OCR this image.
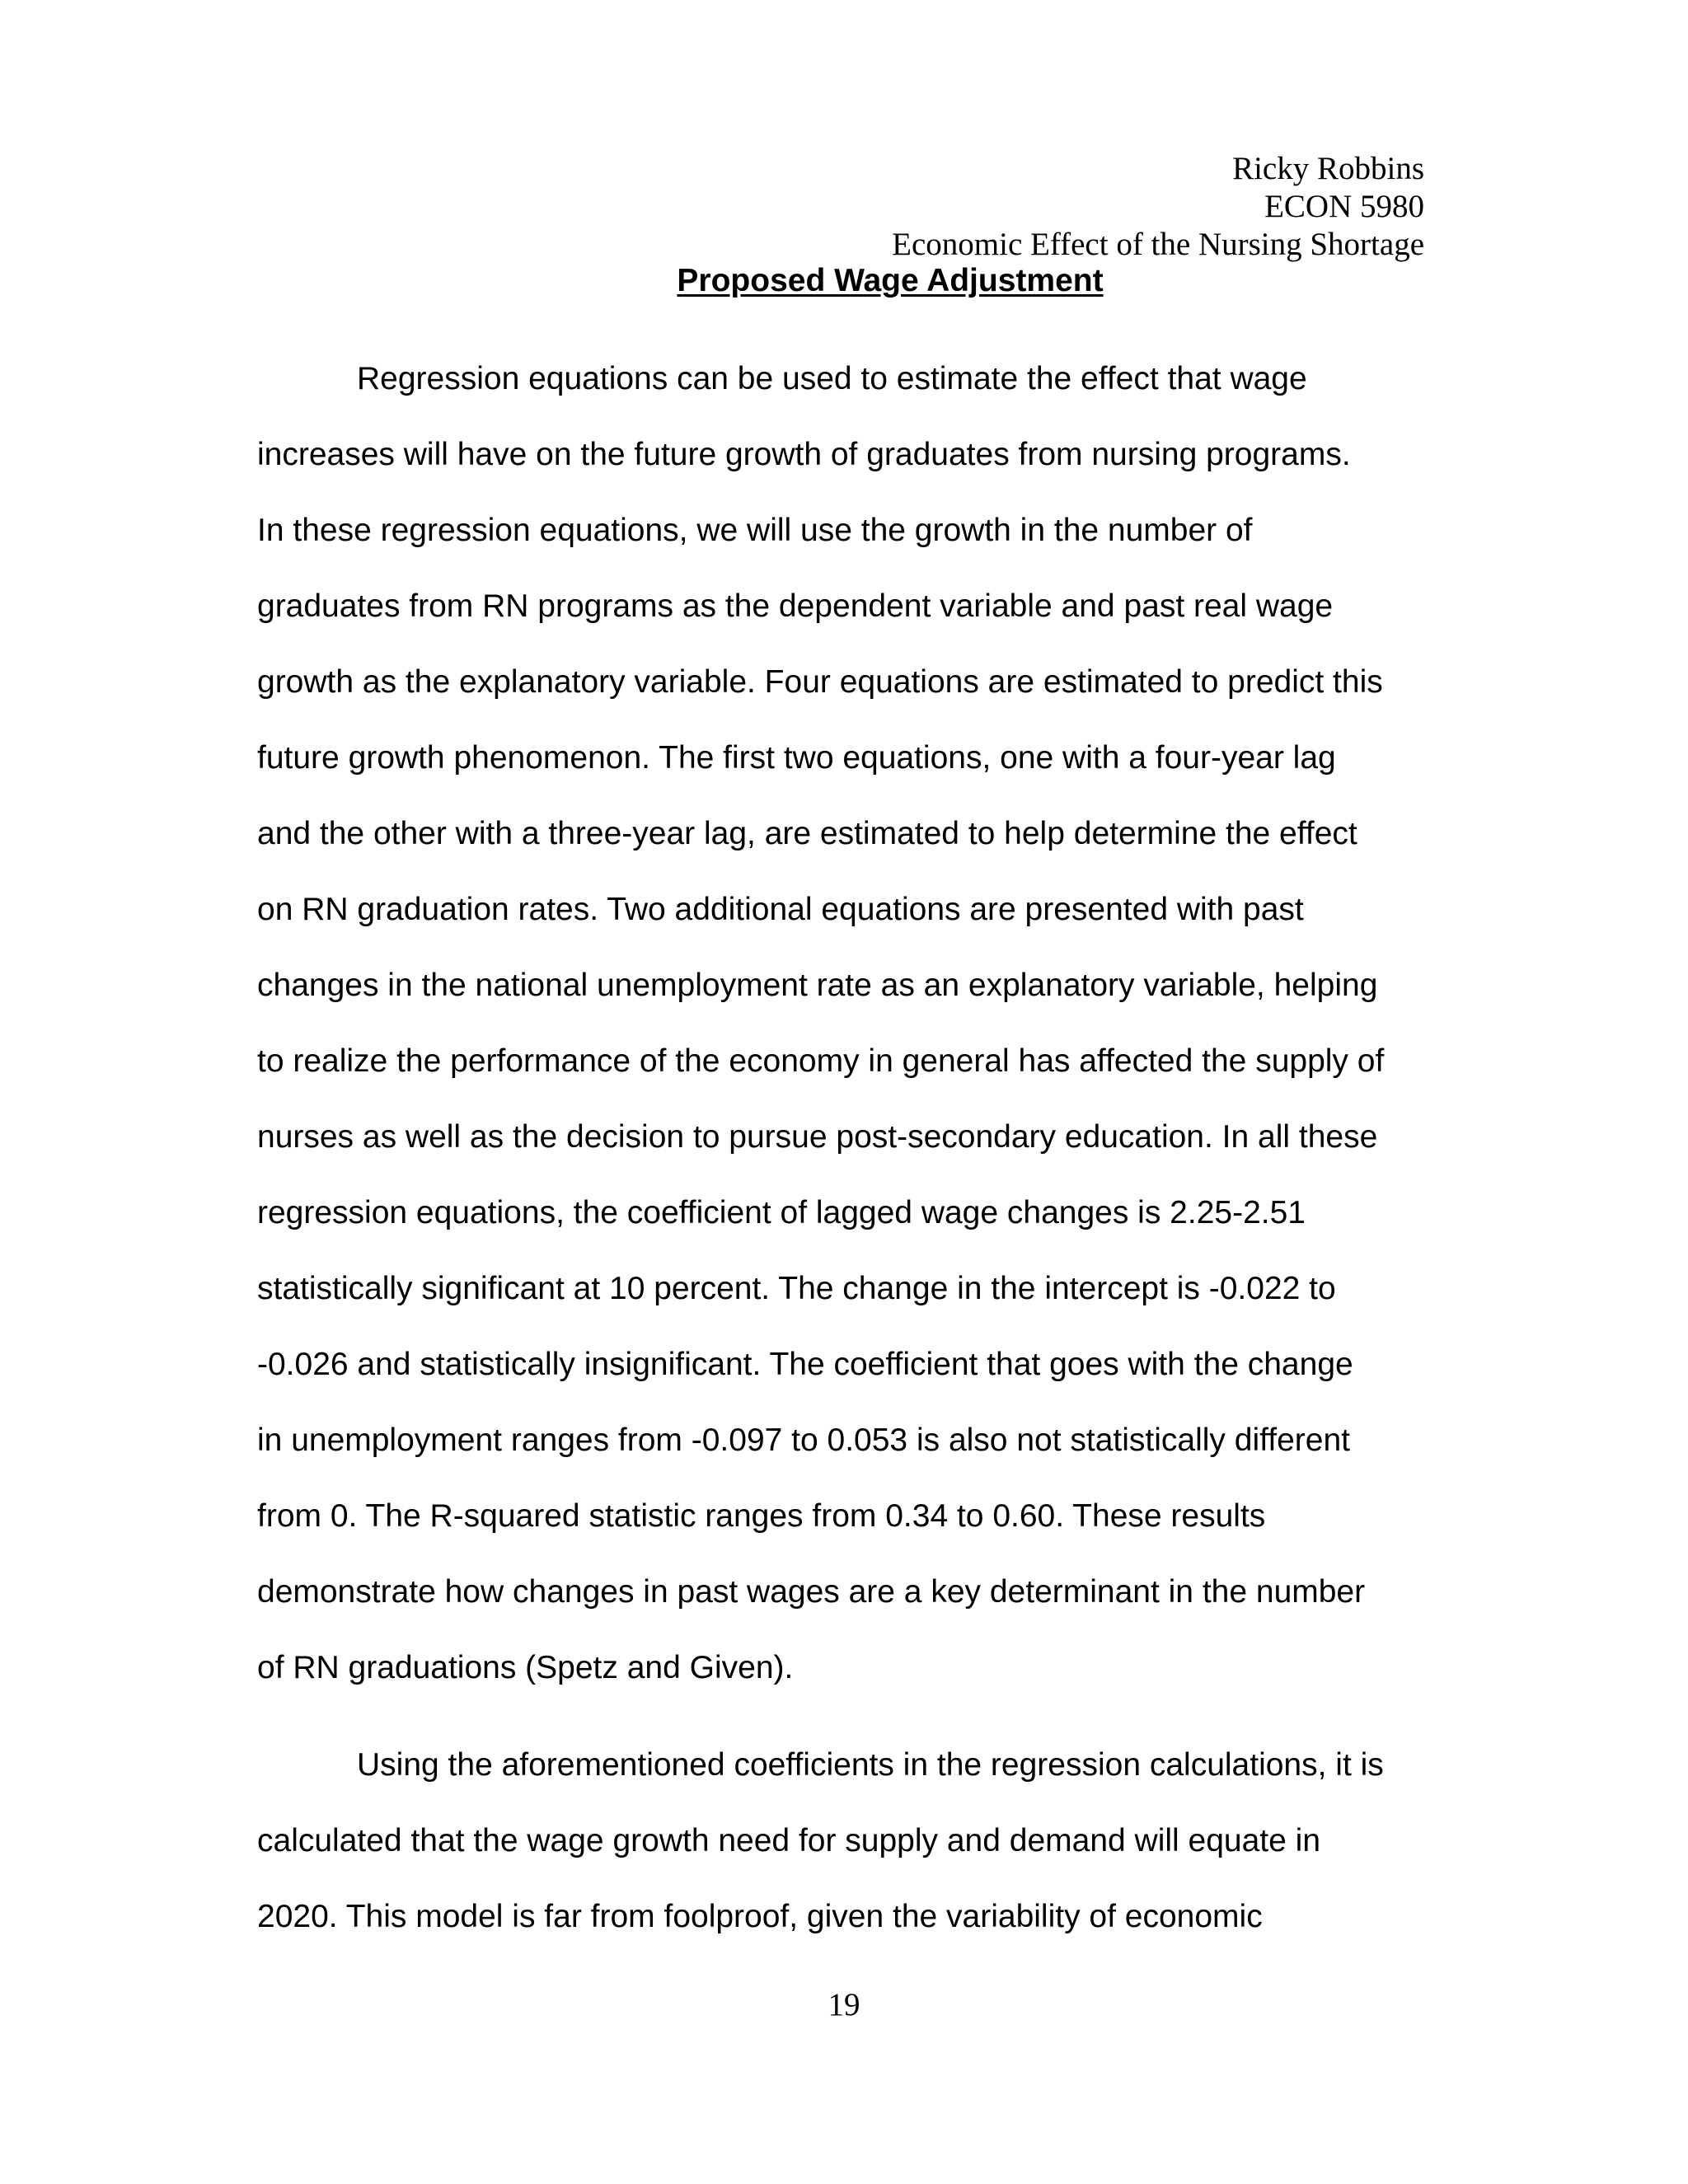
Ricky Robbins
ECON 5980
Economic Effect of the Nursing Shortage
Proposed Wage Adjustment
Regression equations can be used to estimate the effect that wage
increases will have on the future growth of graduates from nursing programs.
In these regression equations, we will use the growth in the number of
graduates from RN programs as the dependent variable and past real wage
growth as the explanatory variable. Four equations are estimated to predict this
future growth phenomenon. The first two equations, one with a four-year lag
and the other with a three-year lag, are estimated to help determine the effect
on RN graduation rates. Two additional equations are presented with past
changes in the national unemployment rate as an explanatory variable, helping
to realize the performance of the economy in general has affected the supply of
nurses as well as the decision to pursue post-secondary education. In all these
regression equations, the coefficient of lagged wage changes is 2.25-2.51
statistically significant at 10 percent. The change in the intercept is -0.022 to
-0.026 and statistically insignificant. The coefficient that goes with the change
in unemployment ranges from -0.097 to 0.053 is also not statistically different
from 0. The R-squared statistic ranges from 0.34 to 0.60. These results
demonstrate how changes in past wages are a key determinant in the number
of RN graduations (Spetz and Given).
Using the aforementioned coefficients in the regression calculations, it is
calculated that the wage growth need for supply and demand will equate in
2020. This model is far from foolproof, given the variability of economic
19
